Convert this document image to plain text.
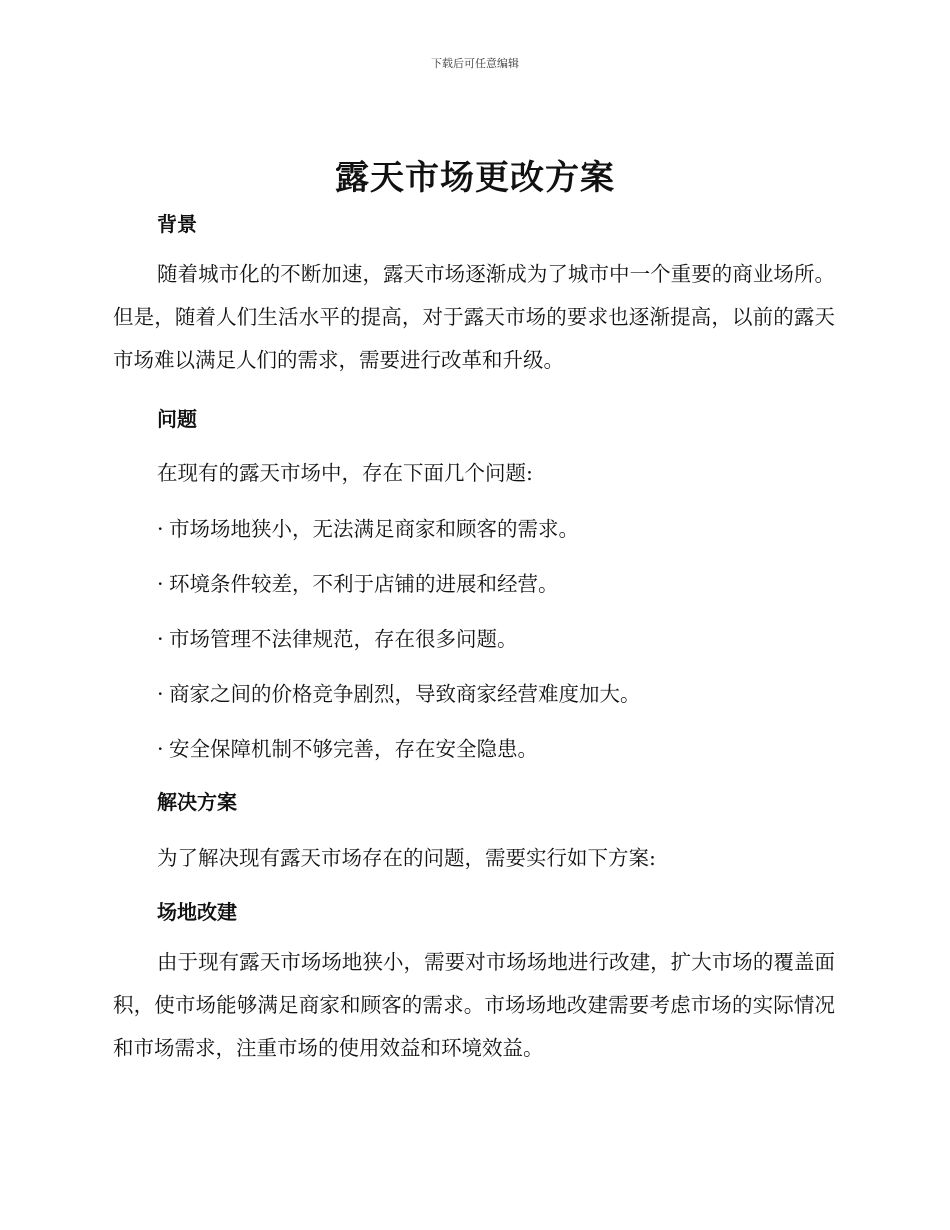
下载后可任意编辑
露天市场更改方案
背景

随着城市化的不断加速，露天市场逐渐成为了城市中一个重要的商业场所。但是，随着人们生活水平的提高，对于露天市场的要求也逐渐提高，以前的露天市场难以满足人们的需求，需要进行改革和升级。

问题

在现有的露天市场中，存在下面几个问题:

· 市场场地狭小，无法满足商家和顾客的需求。

· 环境条件较差，不利于店铺的进展和经营。

· 市场管理不法律规范，存在很多问题。

· 商家之间的价格竞争剧烈，导致商家经营难度加大。

· 安全保障机制不够完善，存在安全隐患。

解决方案

为了解决现有露天市场存在的问题，需要实行如下方案:

场地改建

由于现有露天市场场地狭小，需要对市场场地进行改建，扩大市场的覆盖面积，使市场能够满足商家和顾客的需求。市场场地改建需要考虑市场的实际情况和市场需求，注重市场的使用效益和环境效益。
